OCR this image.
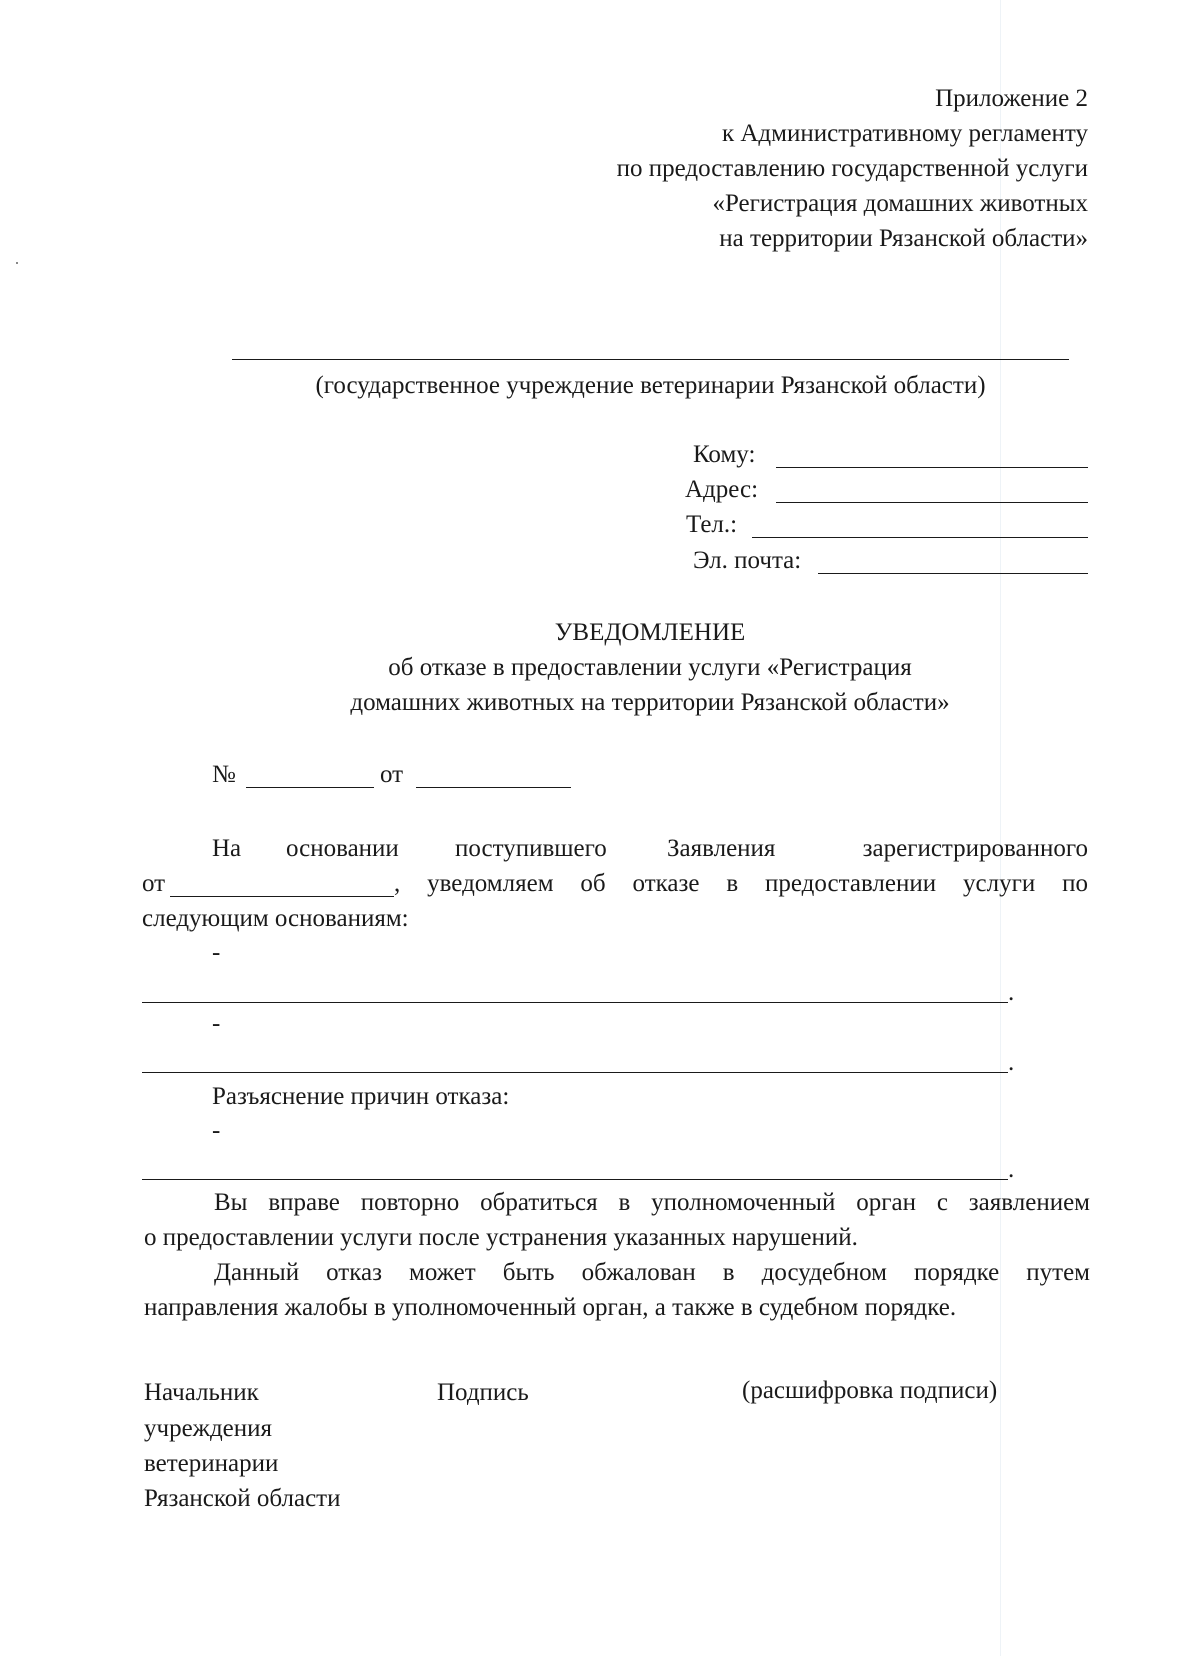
Приложение 2
к Административному регламенту
по предоставлению государственной услуги
«Регистрация домашних животных
на территории Рязанской области»
(государственное учреждение ветеринарии Рязанской области)
Кому:
Адрес:
Тел.:
Эл. почта:
УВЕДОМЛЕНИЕ
об отказе в предоставлении услуги «Регистрация
домашних животных на территории Рязанской области»
№	от
На основании поступившего Заявления	зарегистрированного
от	, уведомляем об отказе в предоставлении услуги по
следующим основаниям:
-
.
-
.
Разъяснение причин отказа:
-
.
Вы вправе повторно обратиться в уполномоченный орган с заявлением
о предоставлении услуги после устранения указанных нарушений.
Данный отказ может быть обжалован в досудебном порядке путем
направления жалобы в уполномоченный орган, а также в судебном порядке.
Начальник
учреждения
ветеринарии
Рязанской области
Подпись	(расшифровка подписи)
